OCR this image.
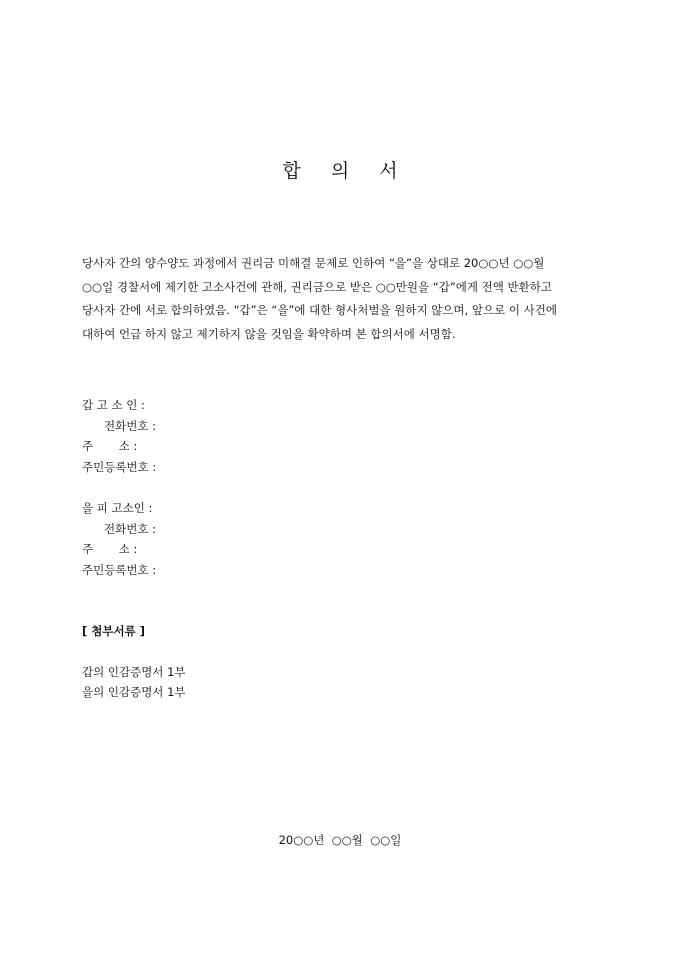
합 의 서
당사자 간의 양수양도 과정에서 권리금 미해결 문제로 인하여 “을”을 상대로 20○○년 ○○월
○○일 경찰서에 제기한 고소사건에 관해, 권리금으로 받은 ○○만원을 “갑”에게 전액 반환하고
당사자 간에 서로 합의하였음. “갑”은 “을”에 대한 형사처벌을 원하지 않으며, 앞으로 이 사건에
대하여 언급 하지 않고 제기하지 않을 것임을 확약하며 본 합의서에 서명함.
갑 고 소 인 :
전화번호 :
주       소 :
주민등록번호 :
을 피 고소인 :
전화번호 :
주       소 :
주민등록번호 :
[ 첨부서류 ]
갑의 인감증명서 1부
을의 인감증명서 1부
20○○년  ○○월  ○○일
